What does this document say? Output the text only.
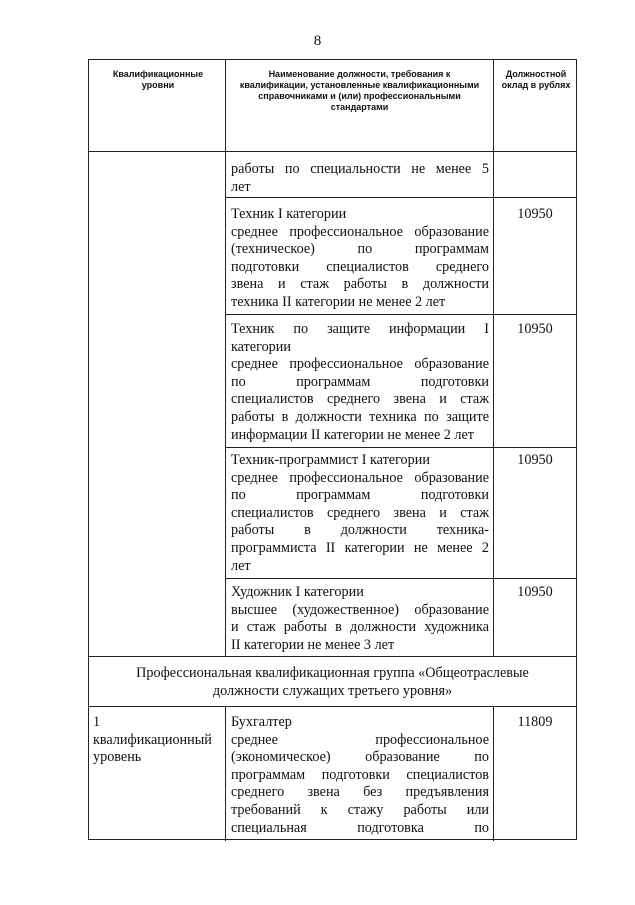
8
Квалификационные уровни
Наименование должности, требования к квалификации, установленные квалификационными справочниками и (или) профессиональными стандартами
Должностной оклад в рублях
работы по специальности не менее 5
лет
Техник I категории
среднее профессиональное образование
(техническое) по программам
подготовки специалистов среднего
звена и стаж работы в должности
техника II категории не менее 2 лет
10950
Техник по защите информации I
категории
среднее профессиональное образование
по программам подготовки
специалистов среднего звена и стаж
работы в должности техника по защите
информации II категории не менее 2 лет
10950
Техник-программист I категории
среднее профессиональное образование
по программам подготовки
специалистов среднего звена и стаж
работы в должности техника-
программиста II категории не менее 2
лет
10950
Художник I категории
высшее (художественное) образование
и стаж работы в должности художника
II категории не менее 3 лет
10950
Профессиональная квалификационная группа «Общеотраслевые
должности служащих третьего уровня»
1
квалификационный
уровень
Бухгалтер
среднее профессиональное
(экономическое) образование по
программам подготовки специалистов
среднего звена без предъявления
требований к стажу работы или
специальная подготовка по
11809
